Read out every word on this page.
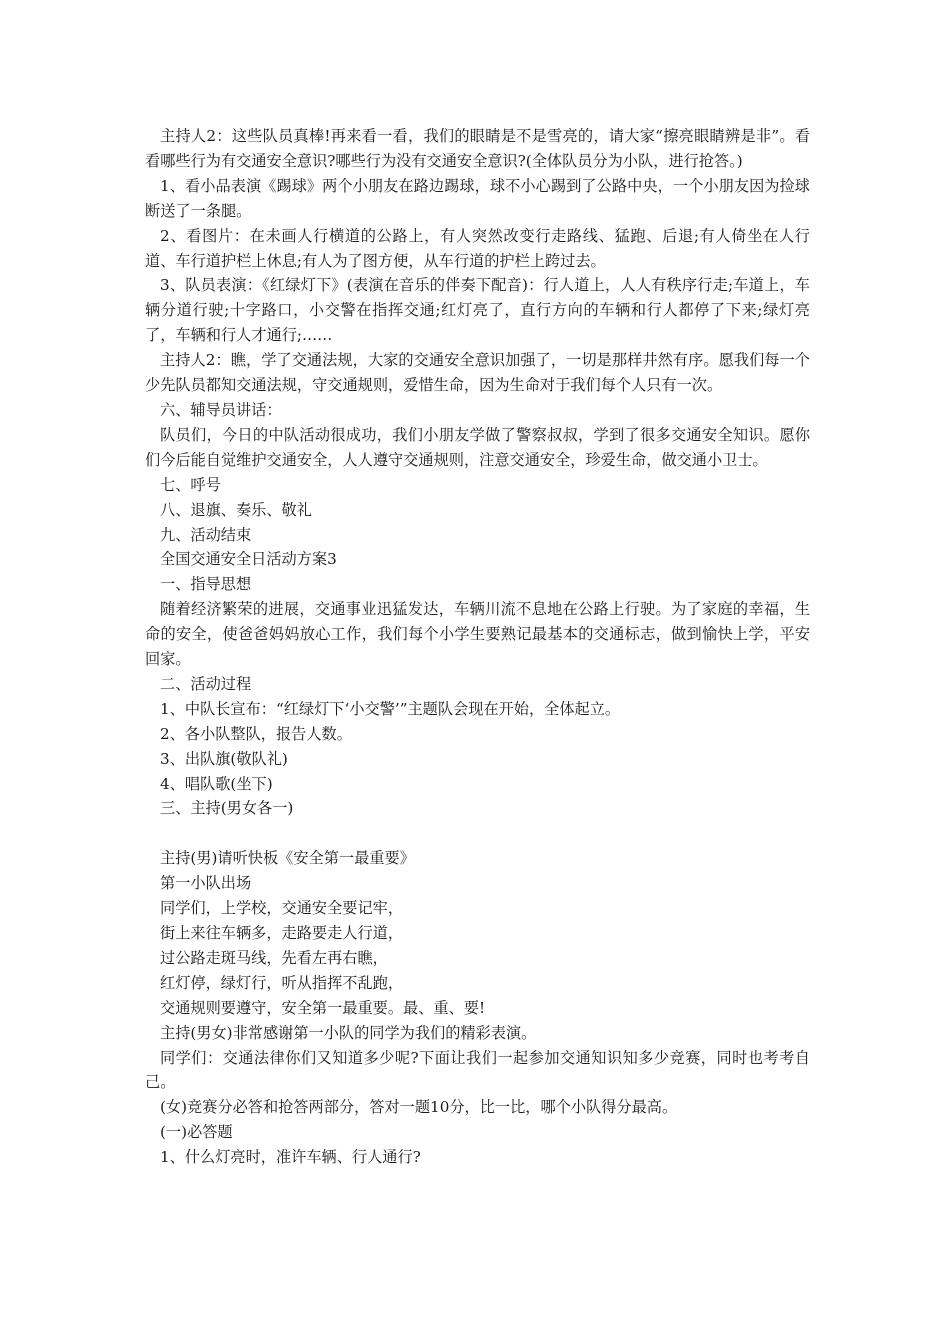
主持人2：这些队员真棒!再来看一看，我们的眼睛是不是雪亮的，请大家“擦亮眼睛辨是非”。看看哪些行为有交通安全意识?哪些行为没有交通安全意识?(全体队员分为小队，进行抢答。)

1、看小品表演《踢球》两个小朋友在路边踢球，球不小心踢到了公路中央，一个小朋友因为捡球断送了一条腿。

2、看图片：在未画人行横道的公路上，有人突然改变行走路线、猛跑、后退;有人倚坐在人行道、车行道护栏上休息;有人为了图方便，从车行道的护栏上跨过去。

3、队员表演：《红绿灯下》(表演在音乐的伴奏下配音)：行人道上，人人有秩序行走;车道上，车辆分道行驶;十字路口，小交警在指挥交通;红灯亮了，直行方向的车辆和行人都停了下来;绿灯亮了，车辆和行人才通行;……

主持人2：瞧，学了交通法规，大家的交通安全意识加强了，一切是那样井然有序。愿我们每一个少先队员都知交通法规，守交通规则，爱惜生命，因为生命对于我们每个人只有一次。

六、辅导员讲话：

队员们，今日的中队活动很成功，我们小朋友学做了警察叔叔，学到了很多交通安全知识。愿你们今后能自觉维护交通安全，人人遵守交通规则，注意交通安全，珍爱生命，做交通小卫士。

七、呼号

八、退旗、奏乐、敬礼

九、活动结束

全国交通安全日活动方案3

一、指导思想

随着经济繁荣的进展，交通事业迅猛发达，车辆川流不息地在公路上行驶。为了家庭的幸福，生命的安全，使爸爸妈妈放心工作，我们每个小学生要熟记最基本的交通标志，做到愉快上学，平安回家。

二、活动过程

1、中队长宣布：“红绿灯下‘小交警’”主题队会现在开始，全体起立。

2、各小队整队，报告人数。

3、出队旗(敬队礼)

4、唱队歌(坐下)

三、主持(男女各一)

主持(男)请听快板《安全第一最重要》

第一小队出场

同学们，上学校，交通安全要记牢，

街上来往车辆多，走路要走人行道，

过公路走斑马线，先看左再右瞧，

红灯停，绿灯行，听从指挥不乱跑，

交通规则要遵守，安全第一最重要。最、重、要!

主持(男女)非常感谢第一小队的同学为我们的精彩表演。

同学们：交通法律你们又知道多少呢?下面让我们一起参加交通知识知多少竞赛，同时也考考自己。

(女)竞赛分必答和抢答两部分，答对一题10分，比一比，哪个小队得分最高。

(一)必答题

1、什么灯亮时，准许车辆、行人通行?
